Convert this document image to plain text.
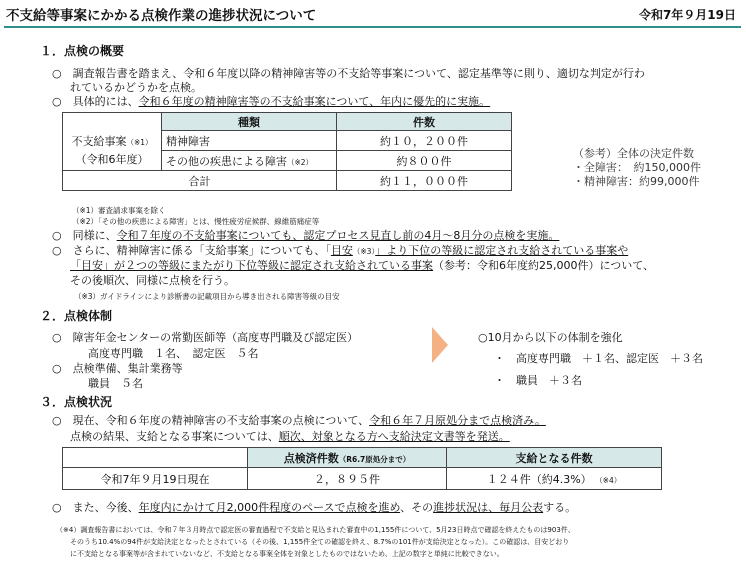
不支給等事案にかかる点検作業の進捗状況について	令和7年９月19日
１．点検の概要
○　調査報告書を踏まえ、令和６年度以降の精神障害等の不支給等事案について、認定基準等に則り、適切な判定が行わ
れているかどうかを点検。
○　具体的には、令和６年度の精神障害等の不支給事案について、年内に優先的に実施。
	種類	件数
不支給事案（※1）
（令和6年度）	精神障害	約１０，２００件
	その他の疾患による障害（※2）	約８００件
合計		約１１，０００件
（参考）全体の決定件数
・全障害：　約150,000件
・精神障害：約99,000件
（※1）審査請求事案を除く
（※2）「その他の疾患による障害」とは、慢性疲労症候群、線維筋痛症等
○　同様に、令和７年度の不支給事案についても、認定プロセス見直し前の4月～8月分の点検を実施。
○　さらに、精神障害に係る「支給事案」についても、「目安（※3）」より下位の等級に認定され支給されている事案や
「目安」が２つの等級にまたがり下位等級に認定され支給されている事案（参考：令和6年度約25,000件）について、
その後順次、同様に点検を行う。
（※3）ガイドラインにより診断書の記載項目から導き出される障害等級の目安
２．点検体制
○　障害年金センターの常勤医師等（高度専門職及び認定医）
高度専門職　１名、　認定医　５名
○　点検準備、集計業務等
職員　５名
○10月から以下の体制を強化
・　高度専門職　＋１名、認定医　＋３名
・　職員　＋３名
３．点検状況
○　現在、令和６年度の精神障害の不支給事案の点検について、令和６年７月原処分まで点検済み。
点検の結果、支給となる事案については、順次、対象となる方へ支給決定文書等を発送。
	点検済件数（R6.7原処分まで）	支給となる件数
令和7年９月19日現在	２，８９５件	１２４件（約4.3%） （※4）
○　また、今後、年度内にかけて月2,000件程度のペースで点検を進め、その進捗状況は、毎月公表する。
（※4）調査報告書においては、令和７年３月時点で認定医の審査過程で不支給と見込まれた審査中の1,155件について、5月23日時点で確認を終えたものは903件、
そのうち10.4%の94件が支給決定となったとされている（その後、1,155件全ての確認を終え、8.7%の101件が支給決定となった）。この確認は、目安どおり
に不支給となる事案等が含まれていないなど、不支給となる事案全体を対象としたものではないため、上記の数字と単純に比較できない。
